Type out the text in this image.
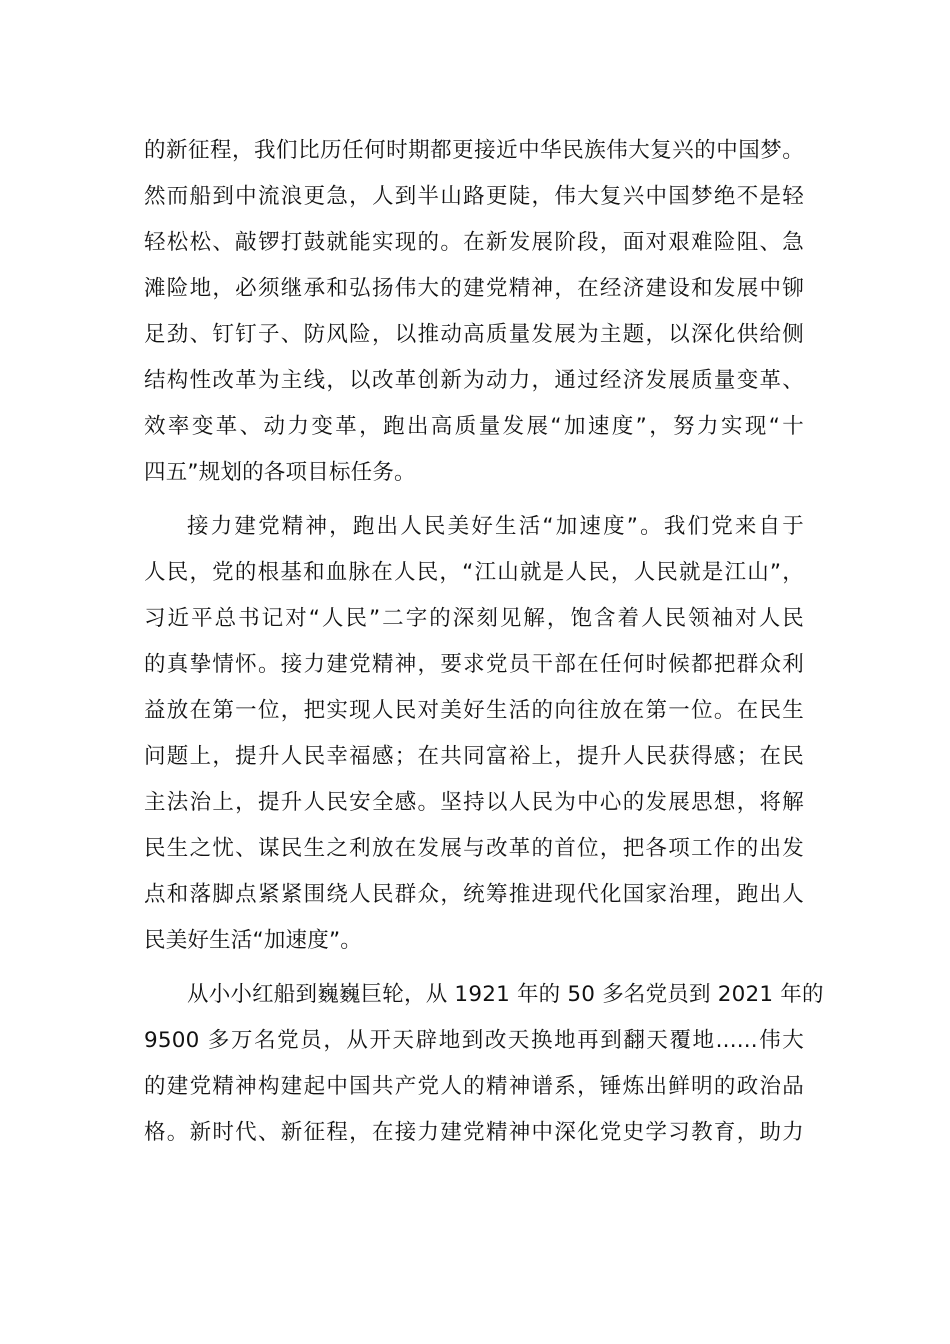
的新征程，我们比历任何时期都更接近中华民族伟大复兴的中国梦。
然而船到中流浪更急，人到半山路更陡，伟大复兴中国梦绝不是轻
轻松松、敲锣打鼓就能实现的。在新发展阶段，面对艰难险阻、急
滩险地，必须继承和弘扬伟大的建党精神，在经济建设和发展中铆
足劲、钉钉子、防风险，以推动高质量发展为主题，以深化供给侧
结构性改革为主线，以改革创新为动力，通过经济发展质量变革、
效率变革、动力变革，跑出高质量发展“加速度”，努力实现“十
四五”规划的各项目标任务。
接力建党精神，跑出人民美好生活“加速度”。我们党来自于
人民，党的根基和血脉在人民，“江山就是人民，人民就是江山”，
习近平总书记对“人民”二字的深刻见解，饱含着人民领袖对人民
的真挚情怀。接力建党精神，要求党员干部在任何时候都把群众利
益放在第一位，把实现人民对美好生活的向往放在第一位。在民生
问题上，提升人民幸福感；在共同富裕上，提升人民获得感；在民
主法治上，提升人民安全感。坚持以人民为中心的发展思想，将解
民生之忧、谋民生之利放在发展与改革的首位，把各项工作的出发
点和落脚点紧紧围绕人民群众，统筹推进现代化国家治理，跑出人
民美好生活“加速度”。
从小小红船到巍巍巨轮，从 1921 年的 50 多名党员到 2021 年的
9500 多万名党员，从开天辟地到改天换地再到翻天覆地......伟大
的建党精神构建起中国共产党人的精神谱系，锤炼出鲜明的政治品
格。新时代、新征程，在接力建党精神中深化党史学习教育，助力
